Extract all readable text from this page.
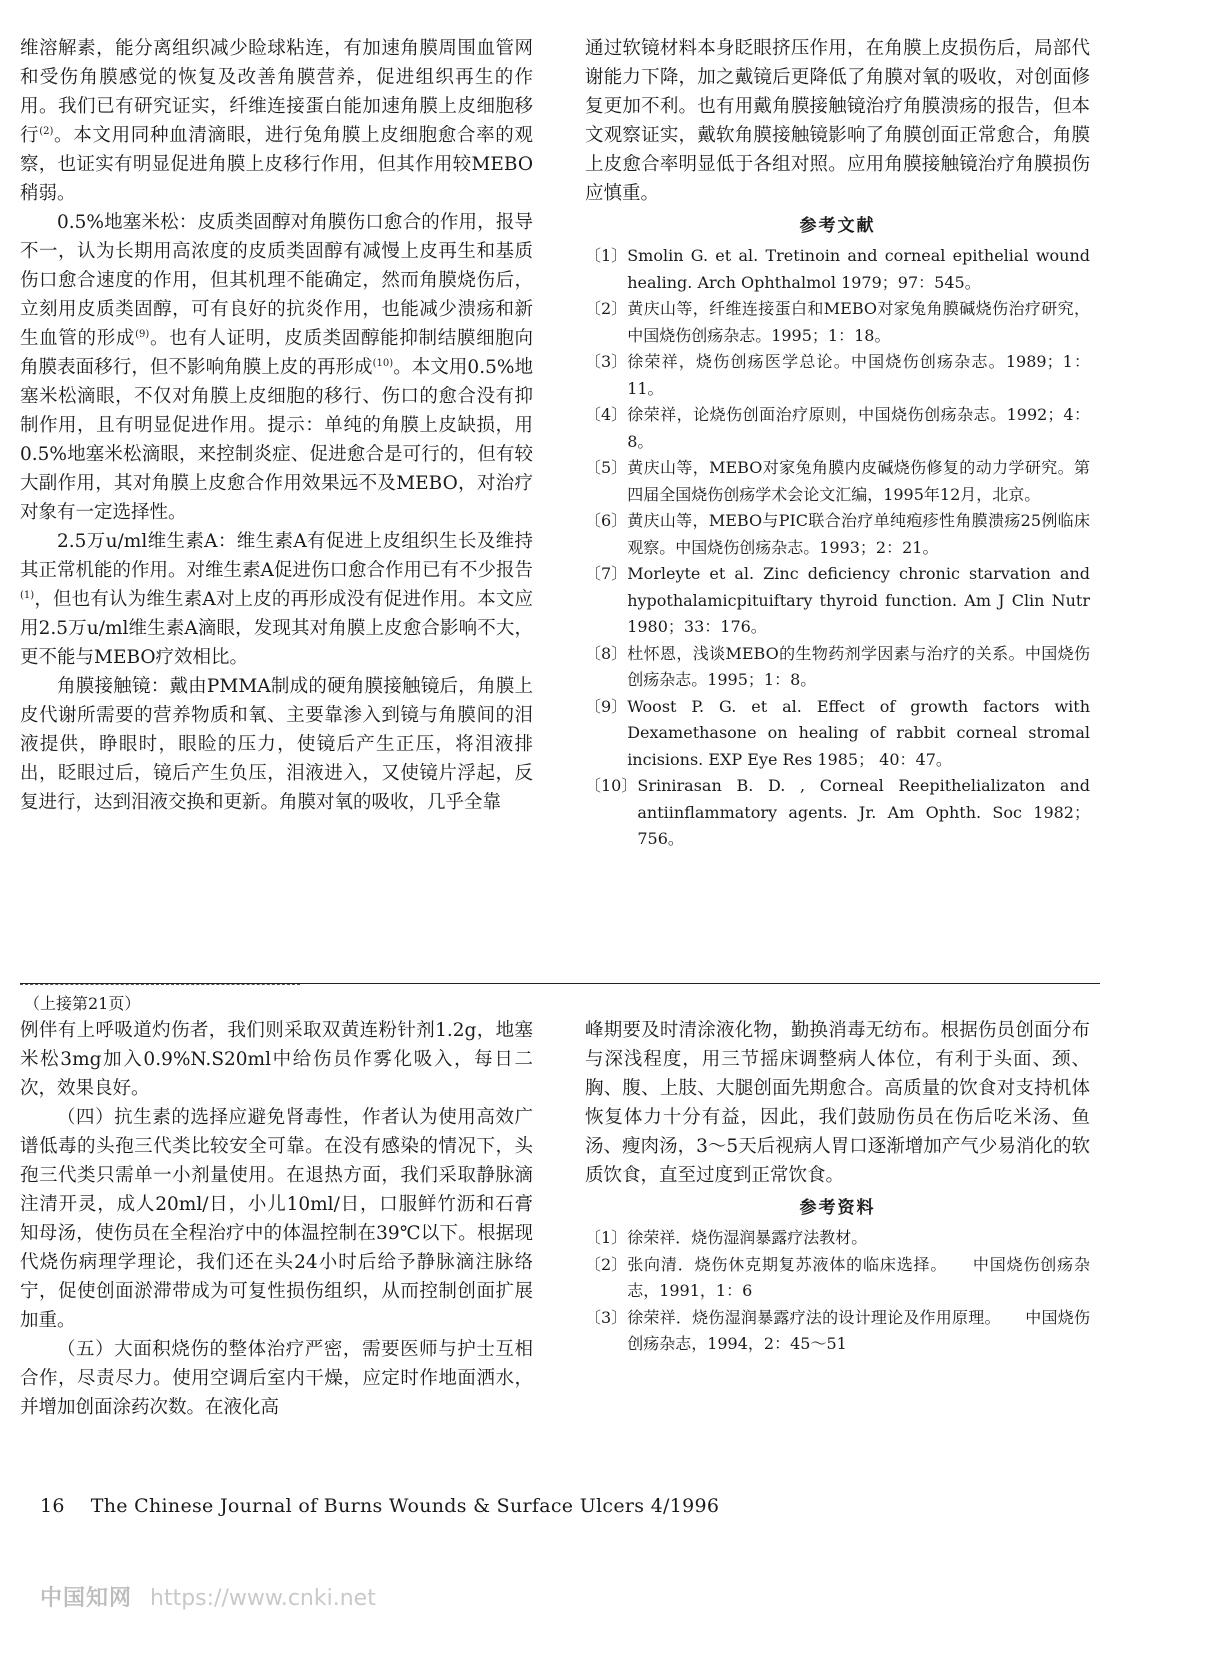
维溶解素，能分离组织减少睑球粘连，有加速角膜周围血管网和受伤角膜感觉的恢复及改善角膜营养，促进组织再生的作用。我们已有研究证实，纤维连接蛋白能加速角膜上皮细胞移行$^{(2)}$。本文用同种血清滴眼，进行兔角膜上皮细胞愈合率的观察，也证实有明显促进角膜上皮移行作用，但其作用较MEBO稍弱。

0.5%地塞米松：皮质类固醇对角膜伤口愈合的作用，报导不一，认为长期用高浓度的皮质类固醇有减慢上皮再生和基质伤口愈合速度的作用，但其机理不能确定，然而角膜烧伤后，立刻用皮质类固醇，可有良好的抗炎作用，也能减少溃疡和新生血管的形成$^{(9)}$。也有人证明，皮质类固醇能抑制结膜细胞向角膜表面移行，但不影响角膜上皮的再形成$^{(10)}$。本文用0.5%地塞米松滴眼，不仅对角膜上皮细胞的移行、伤口的愈合没有抑制作用，且有明显促进作用。提示：单纯的角膜上皮缺损，用0.5%地塞米松滴眼，来控制炎症、促进愈合是可行的，但有较大副作用，其对角膜上皮愈合作用效果远不及MEBO，对治疗对象有一定选择性。

2.5万u/ml维生素A：维生素A有促进上皮组织生长及维持其正常机能的作用。对维生素A促进伤口愈合作用已有不少报告$^{(1)}$，但也有认为维生素A对上皮的再形成没有促进作用。本文应用2.5万u/ml维生素A滴眼，发现其对角膜上皮愈合影响不大，更不能与MEBO疗效相比。

角膜接触镜：戴由PMMA制成的硬角膜接触镜后，角膜上皮代谢所需要的营养物质和氧、主要靠渗入到镜与角膜间的泪液提供，睁眼时，眼睑的压力，使镜后产生正压，将泪液排出，眨眼过后，镜后产生负压，泪液进入，又使镜片浮起，反复进行，达到泪液交换和更新。角膜对氧的吸收，几乎全靠

通过软镜材料本身眨眼挤压作用，在角膜上皮损伤后，局部代谢能力下降，加之戴镜后更降低了角膜对氧的吸收，对创面修复更加不利。也有用戴角膜接触镜治疗角膜溃疡的报告，但本文观察证实，戴软角膜接触镜影响了角膜创面正常愈合，角膜上皮愈合率明显低于各组对照。应用角膜接触镜治疗角膜损伤应慎重。

参考文献
〔1〕 Smolin G. et al. Tretinoin and corneal epithelial wound healing. Arch Ophthalmol 1979；97：545。
〔2〕 黄庆山等，纤维连接蛋白和MEBO对家兔角膜碱烧伤治疗研究，中国烧伤创疡杂志。1995；1：18。
〔3〕 徐荣祥，烧伤创疡医学总论。中国烧伤创疡杂志。1989；1：11。
〔4〕 徐荣祥，论烧伤创面治疗原则，中国烧伤创疡杂志。1992；4：8。
〔5〕 黄庆山等，MEBO对家兔角膜内皮碱烧伤修复的动力学研究。第四届全国烧伤创疡学术会论文汇编，1995年12月，北京。
〔6〕 黄庆山等，MEBO与PIC联合治疗单纯疱疹性角膜溃疡25例临床观察。中国烧伤创疡杂志。1993；2：21。
〔7〕 Morleyte et al. Zinc deficiency chronic starvation and hypothalamicpituiftary thyroid function. Am J Clin Nutr 1980；33：176。
〔8〕 杜怀恩，浅谈MEBO的生物药剂学因素与治疗的关系。中国烧伤创疡杂志。1995；1：8。
〔9〕 Woost P. G. et al. Effect of growth factors with Dexamethasone on healing of rabbit corneal stromal incisions. EXP Eye Res 1985； 40：47。
〔10〕 Srinirasan B. D. , Corneal Reepithelializaton and antiinflammatory agents. Jr. Am Ophth. Soc 1982；756。
（上接第21页）

例伴有上呼吸道灼伤者，我们则采取双黄连粉针剂1.2g，地塞米松3mg加入0.9%N.S20ml中给伤员作雾化吸入，每日二次，效果良好。

（四）抗生素的选择应避免肾毒性，作者认为使用高效广谱低毒的头孢三代类比较安全可靠。在没有感染的情况下，头孢三代类只需单一小剂量使用。在退热方面，我们采取静脉滴注清开灵，成人20ml/日，小儿10ml/日，口服鲜竹沥和石膏知母汤，使伤员在全程治疗中的体温控制在39℃以下。根据现代烧伤病理学理论，我们还在头24小时后给予静脉滴注脉络宁，促使创面淤滞带成为可复性损伤组织，从而控制创面扩展加重。

（五）大面积烧伤的整体治疗严密，需要医师与护士互相合作，尽责尽力。使用空调后室内干燥，应定时作地面洒水，并增加创面涂药次数。在液化高

峰期要及时清涂液化物，勤换消毒无纺布。根据伤员创面分布与深浅程度，用三节摇床调整病人体位，有利于头面、颈、胸、腹、上肢、大腿创面先期愈合。高质量的饮食对支持机体恢复体力十分有益，因此，我们鼓励伤员在伤后吃米汤、鱼汤、瘦肉汤，3～5天后视病人胃口逐渐增加产气少易消化的软质饮食，直至过度到正常饮食。

参考资料
〔1〕 徐荣祥．烧伤湿润暴露疗法教材。
〔2〕 张向清．烧伤休克期复苏液体的临床选择。　　中国烧伤创疡杂志，1991，1：6
〔3〕 徐荣祥．烧伤湿润暴露疗法的设计理论及作用原理。　　中国烧伤创疡杂志，1994，2：45～51
16 The Chinese Journal of Burns Wounds & Surface Ulcers 4/1996
中国知网 https://www.cnki.net
